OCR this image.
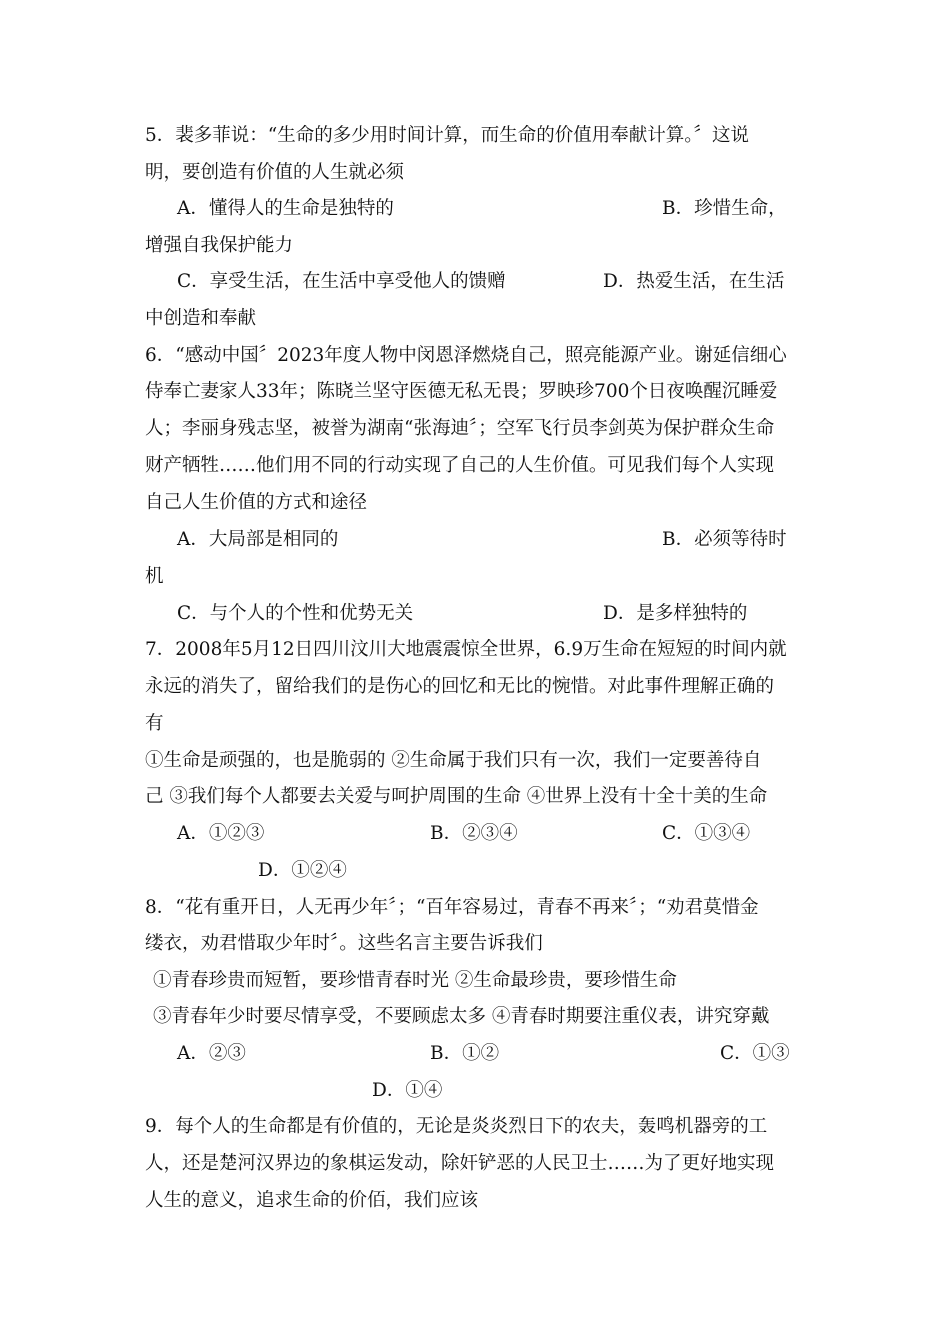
5．裴多菲说：“生命的多少用时间计算，而生命的价值用奉献计算。〞这说
明，要创造有价值的人生就必须
A．懂得人的生命是独特的	B．珍惜生命，
增强自我保护能力
C．享受生活，在生活中享受他人的馈赠	D．热爱生活，在生活
中创造和奉献
6．“感动中国〞2023年度人物中闵恩泽燃烧自己，照亮能源产业。谢延信细心
侍奉亡妻家人33年；陈晓兰坚守医德无私无畏；罗映珍700个日夜唤醒沉睡爱
人；李丽身残志坚，被誉为湖南“张海迪〞；空军飞行员李剑英为保护群众生命
财产牺牲……他们用不同的行动实现了自己的人生价值。可见我们每个人实现
自己人生价值的方式和途径
A．大局部是相同的	B．必须等待时
机
C．与个人的个性和优势无关	D．是多样独特的
7．2008年5月12日四川汶川大地震震惊全世界，6.9万生命在短短的时间内就
永远的消失了，留给我们的是伤心的回忆和无比的惋惜。对此事件理解正确的
有
①生命是顽强的，也是脆弱的 ②生命属于我们只有一次，我们一定要善待自
己 ③我们每个人都要去关爱与呵护周围的生命 ④世界上没有十全十美的生命
A．①②③	B．②③④	C．①③④
D．①②④
8．“花有重开日，人无再少年〞；“百年容易过，青春不再来〞；“劝君莫惜金
缕衣，劝君惜取少年时〞。这些名言主要告诉我们
①青春珍贵而短暂，要珍惜青春时光 ②生命最珍贵，要珍惜生命
③青春年少时要尽情享受，不要顾虑太多 ④青春时期要注重仪表，讲究穿戴
A．②③	B．①②	C．①③
D．①④
9．每个人的生命都是有价值的，无论是炎炎烈日下的农夫，轰鸣机器旁的工
人，还是楚河汉界边的象棋运发动，除奸铲恶的人民卫士……为了更好地实现
人生的意义，追求生命的价佰，我们应该
